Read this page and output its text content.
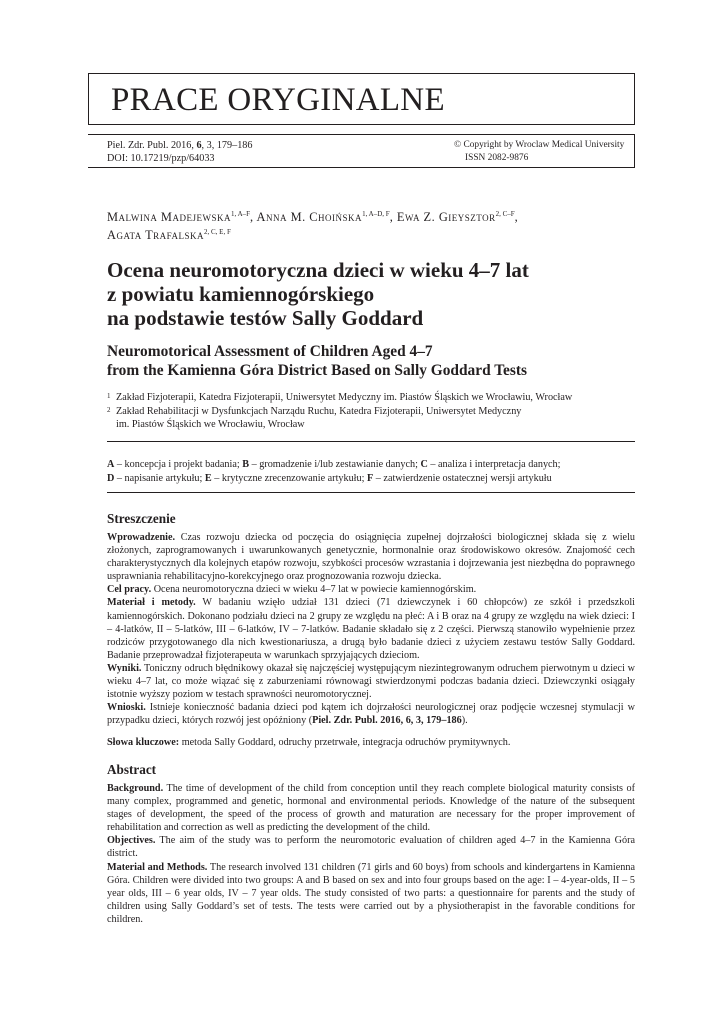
PRACE ORYGINALNE
Piel. Zdr. Publ. 2016, 6, 3, 179–186
DOI: 10.17219/pzp/64033
© Copyright by Wroclaw Medical University
ISSN 2082-9876
Malwina Madejewska$^{1, A-F}$, Anna M. Choińska$^{1, A-D, F}$, Ewa Z. Gieysztor$^{2, C-F}$,
Agata Trafalska$^{2, C, E, F}$
Ocena neuromotoryczna dzieci w wieku 4–7 lat
z powiatu kamiennogórskiego
na podstawie testów Sally Goddard
Neuromotorical Assessment of Children Aged 4–7
from the Kamienna Góra District Based on Sally Goddard Tests
1 Zakład Fizjoterapii, Katedra Fizjoterapii, Uniwersytet Medyczny im. Piastów Śląskich we Wrocławiu, Wrocław
2 Zakład Rehabilitacji w Dysfunkcjach Narządu Ruchu, Katedra Fizjoterapii, Uniwersytet Medyczny
im. Piastów Śląskich we Wrocławiu, Wrocław
A – koncepcja i projekt badania; B – gromadzenie i/lub zestawianie danych; C – analiza i interpretacja danych;
D – napisanie artykułu; E – krytyczne zrecenzowanie artykułu; F – zatwierdzenie ostatecznej wersji artykułu
Streszczenie

Wprowadzenie. Czas rozwoju dziecka od poczęcia do osiągnięcia zupełnej dojrzałości biologicznej składa się z wielu złożonych, zaprogramowanych i uwarunkowanych genetycznie, hormonalnie oraz środowiskowo okresów. Znajomość cech charakterystycznych dla kolejnych etapów rozwoju, szybkości procesów wzrastania i dojrzewania jest niezbędna do poprawnego usprawniania rehabilitacyjno-korekcyjnego oraz prognozowania rozwoju dziecka.

Cel pracy. Ocena neuromotoryczna dzieci w wieku 4–7 lat w powiecie kamiennogórskim.

Materiał i metody. W badaniu wzięło udział 131 dzieci (71 dziewczynek i 60 chłopców) ze szkół i przedszkoli kamiennogórskich. Dokonano podziału dzieci na 2 grupy ze względu na płeć: A i B oraz na 4 grupy ze względu na wiek dzieci: I – 4-latków, II – 5-latków, III – 6-latków, IV – 7-latków. Badanie składało się z 2 części. Pierwszą stanowiło wypełnienie przez rodziców przygotowanego dla nich kwestionariusza, a drugą było badanie dzieci z użyciem zestawu testów Sally Goddard. Badanie przeprowadzał fizjoterapeuta w warunkach sprzyjających dzieciom.

Wyniki. Toniczny odruch błędnikowy okazał się najczęściej występującym niezintegrowanym odruchem pierwotnym u dzieci w wieku 4–7 lat, co może wiązać się z zaburzeniami równowagi stwierdzonymi podczas badania dzieci. Dziewczynki osiągały istotnie wyższy poziom w testach sprawności neuromotorycznej.

Wnioski. Istnieje konieczność badania dzieci pod kątem ich dojrzałości neurologicznej oraz podjęcie wczesnej stymulacji w przypadku dzieci, których rozwój jest opóźniony (Piel. Zdr. Publ. 2016, 6, 3, 179–186).

Słowa kluczowe: metoda Sally Goddard, odruchy przetrwałe, integracja odruchów prymitywnych.

Abstract

Background. The time of development of the child from conception until they reach complete biological maturity consists of many complex, programmed and genetic, hormonal and environmental periods. Knowledge of the nature of the subsequent stages of development, the speed of the process of growth and maturation are necessary for the proper improvement of rehabilitation and correction as well as predicting the development of the child.

Objectives. The aim of the study was to perform the neuromotoric evaluation of children aged 4–7 in the Kamienna Góra district.

Material and Methods. The research involved 131 children (71 girls and 60 boys) from schools and kindergartens in Kamienna Góra. Children were divided into two groups: A and B based on sex and into four groups based on the age: I – 4-year-olds, II – 5 year olds, III – 6 year olds, IV – 7 year olds. The study consisted of two parts: a questionnaire for parents and the study of children using Sally Goddard’s set of tests. The tests were carried out by a physiotherapist in the favorable conditions for children.
